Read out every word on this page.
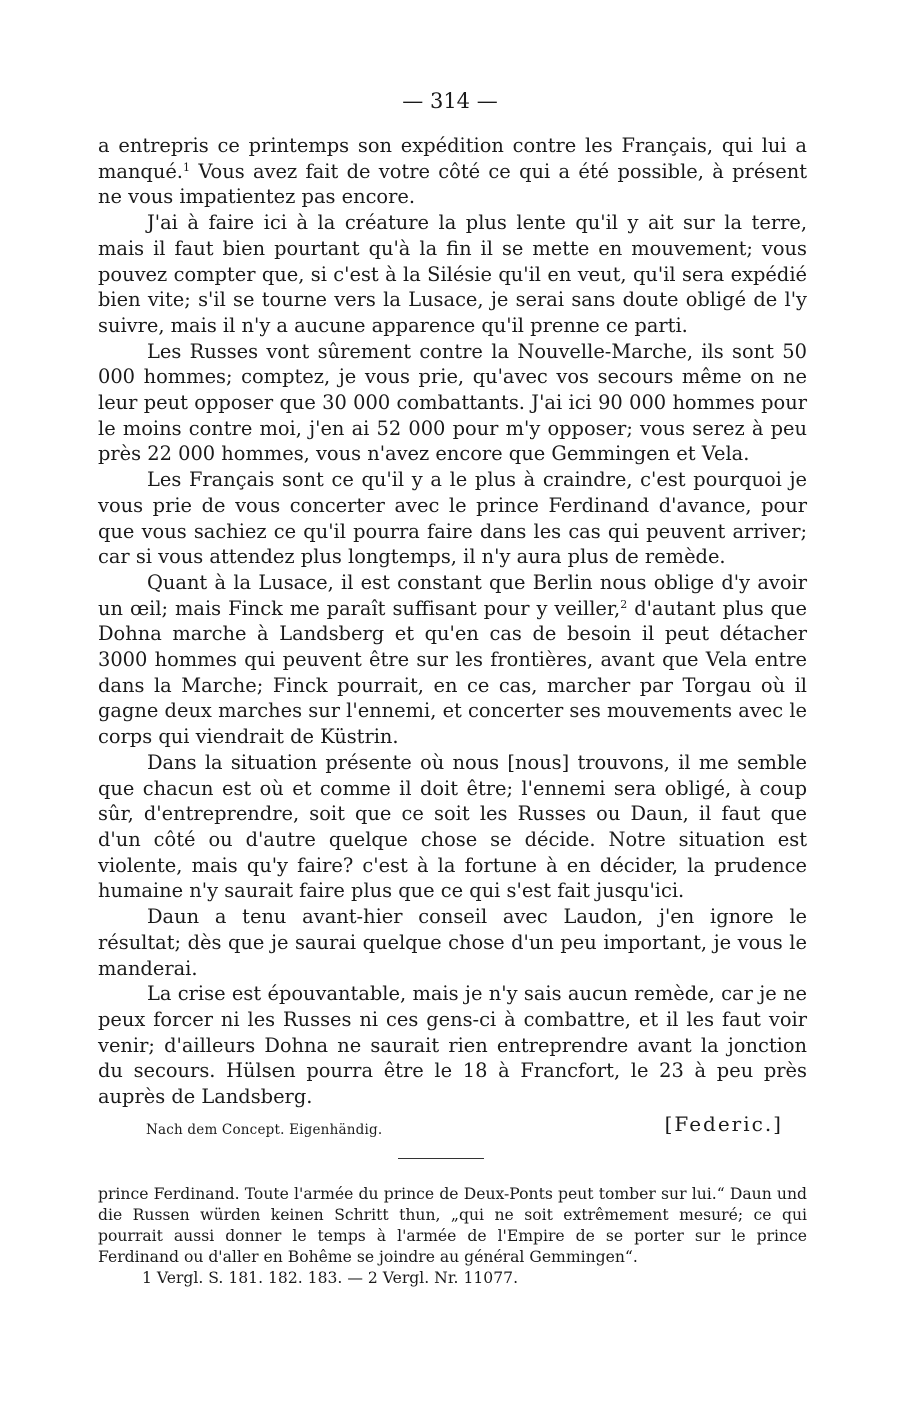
— 314 —

a entrepris ce printemps son expédition contre les Français, qui lui a manqué.$^1$ Vous avez fait de votre côté ce qui a été possible, à présent ne vous impatientez pas encore.

J'ai à faire ici à la créature la plus lente qu'il y ait sur la terre, mais il faut bien pourtant qu'à la fin il se mette en mouvement; vous pouvez compter que, si c'est à la Silésie qu'il en veut, qu'il sera expédié bien vite; s'il se tourne vers la Lusace, je serai sans doute obligé de l'y suivre, mais il n'y a aucune apparence qu'il prenne ce parti.

Les Russes vont sûrement contre la Nouvelle-Marche, ils sont 50 000 hommes; comptez, je vous prie, qu'avec vos secours même on ne leur peut opposer que 30 000 combattants. J'ai ici 90 000 hommes pour le moins contre moi, j'en ai 52 000 pour m'y opposer; vous serez à peu près 22 000 hommes, vous n'avez encore que Gemmingen et Vela.

Les Français sont ce qu'il y a le plus à craindre, c'est pourquoi je vous prie de vous concerter avec le prince Ferdinand d'avance, pour que vous sachiez ce qu'il pourra faire dans les cas qui peuvent arriver; car si vous attendez plus longtemps, il n'y aura plus de remède.

Quant à la Lusace, il est constant que Berlin nous oblige d'y avoir un œil; mais Finck me paraît suffisant pour y veiller,$^2$ d'autant plus que Dohna marche à Landsberg et qu'en cas de besoin il peut détacher 3000 hommes qui peuvent être sur les frontières, avant que Vela entre dans la Marche; Finck pourrait, en ce cas, marcher par Torgau où il gagne deux marches sur l'ennemi, et concerter ses mouvements avec le corps qui viendrait de Küstrin.

Dans la situation présente où nous [nous] trouvons, il me semble que chacun est où et comme il doit être; l'ennemi sera obligé, à coup sûr, d'entreprendre, soit que ce soit les Russes ou Daun, il faut que d'un côté ou d'autre quelque chose se décide. Notre situation est violente, mais qu'y faire? c'est à la fortune à en décider, la prudence humaine n'y saurait faire plus que ce qui s'est fait jusqu'ici.

Daun a tenu avant-hier conseil avec Laudon, j'en ignore le résultat; dès que je saurai quelque chose d'un peu important, je vous le manderai.

La crise est épouvantable, mais je n'y sais aucun remède, car je ne peux forcer ni les Russes ni ces gens-ci à combattre, et il les faut voir venir; d'ailleurs Dohna ne saurait rien entreprendre avant la jonction du secours. Hülsen pourra être le 18 à Francfort, le 23 à peu près auprès de Landsberg.

Nach dem Concept. Eigenhändig.	[Federic.]

prince Ferdinand. Toute l'armée du prince de Deux-Ponts peut tomber sur lui.“ Daun und die Russen würden keinen Schritt thun, „qui ne soit extrêmement mesuré; ce qui pourrait aussi donner le temps à l'armée de l'Empire de se porter sur le prince Ferdinand ou d'aller en Bohême se joindre au général Gemmingen“.

1 Vergl. S. 181. 182. 183. — 2 Vergl. Nr. 11077.
